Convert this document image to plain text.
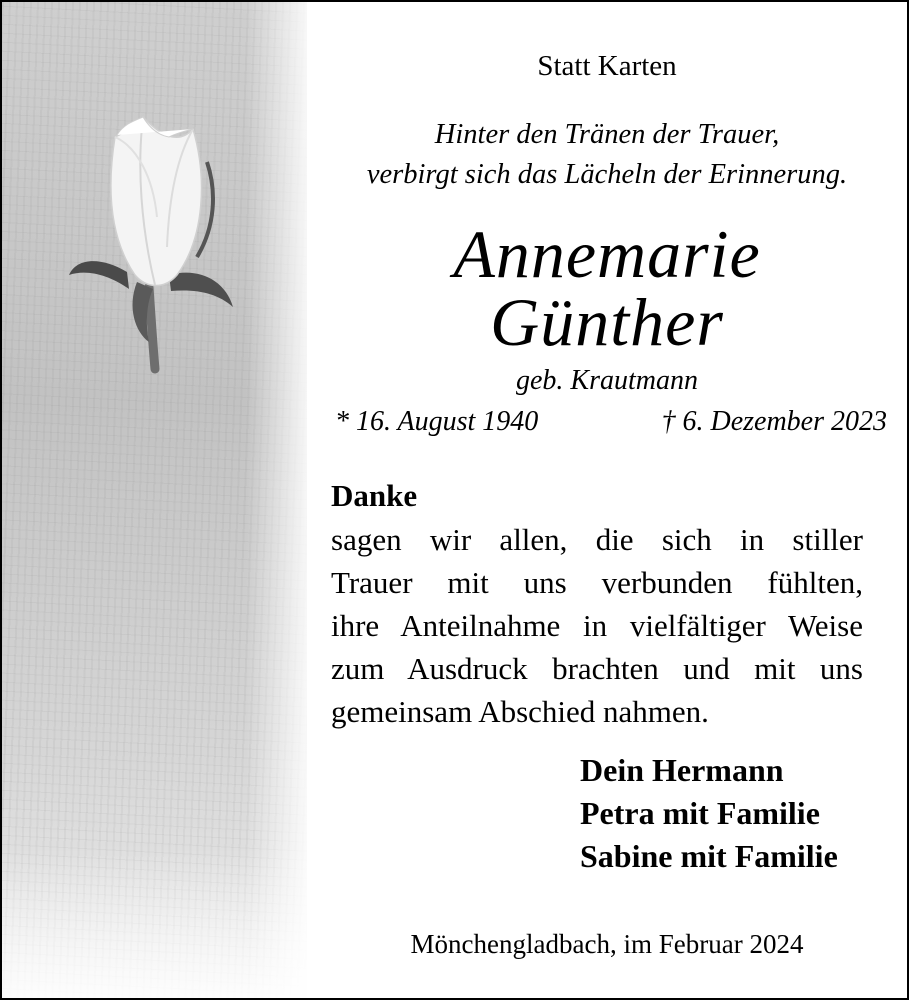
Statt Karten
Hinter den Tränen der Trauer,
verbirgt sich das Lächeln der Erinnerung.
Annemarie
Günther
geb. Krautmann
* 16. August 1940	† 6. Dezember 2023
Danke
sagen wir allen, die sich in stiller
Trauer mit uns verbunden fühlten,
ihre Anteilnahme in vielfältiger Weise
zum Ausdruck brachten und mit uns
gemeinsam Abschied nahmen.
Dein Hermann
Petra mit Familie
Sabine mit Familie
Mönchengladbach, im Februar 2024
